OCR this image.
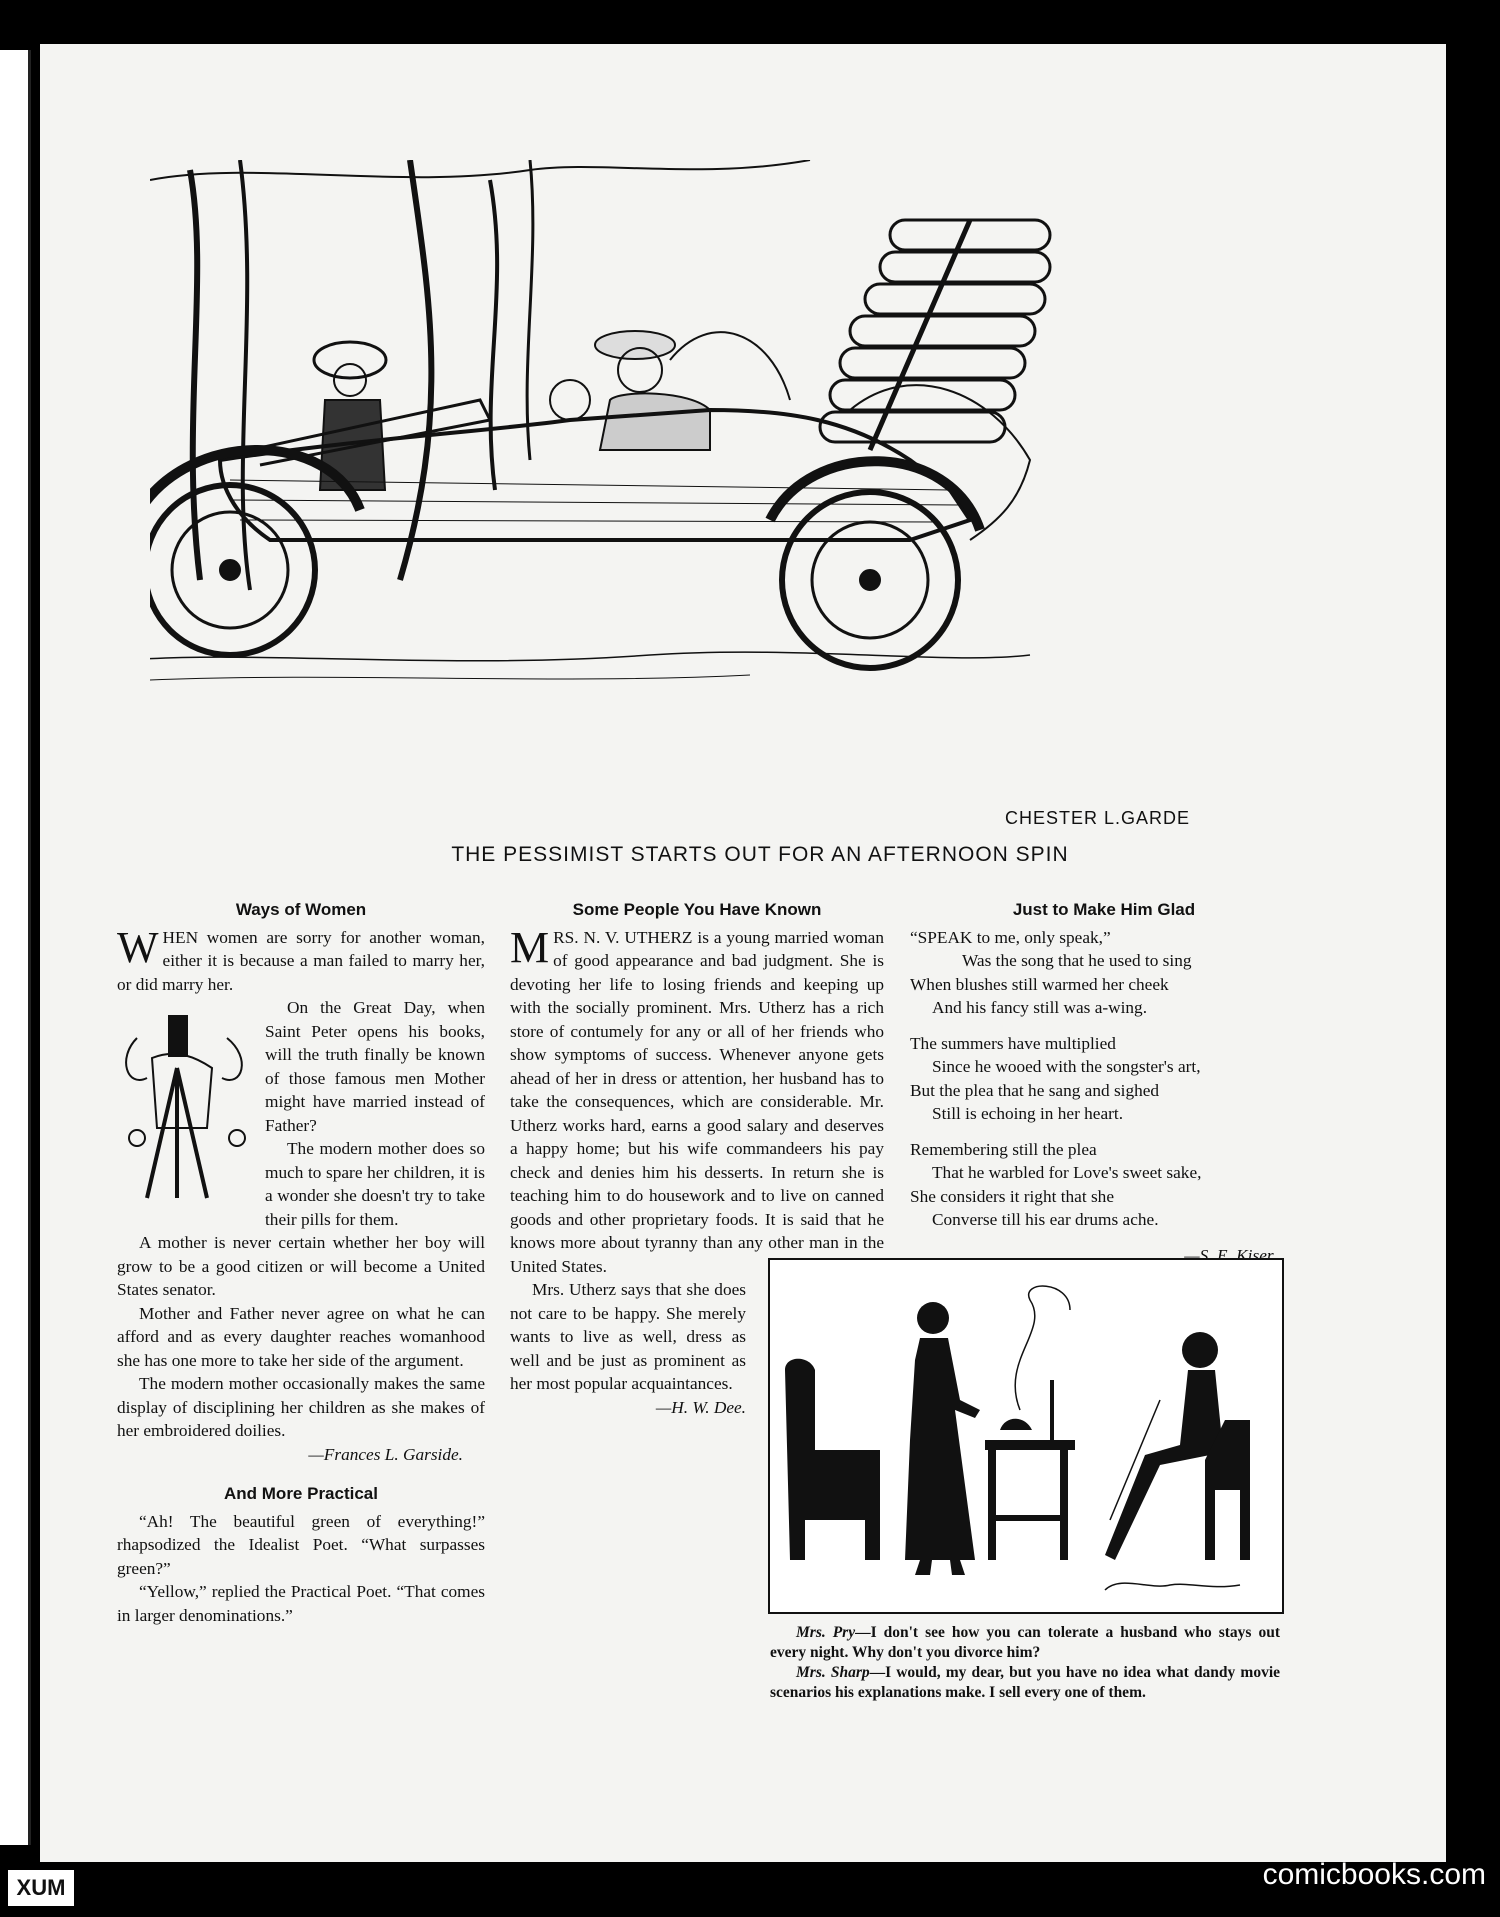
CHESTER L.GARDE
THE PESSIMIST STARTS OUT FOR AN AFTERNOON SPIN
Ways of Women

WHEN women are sorry for another woman, either it is because a man failed to marry her, or did marry her.

On the Great Day, when Saint Peter opens his books, will the truth finally be known of those famous men Mother might have married instead of Father?

The modern mother does so much to spare her children, it is a wonder she doesn't try to take their pills for them.

A mother is never certain whether her boy will grow to be a good citizen or will become a United States senator.

Mother and Father never agree on what he can afford and as every daughter reaches womanhood she has one more to take her side of the argument.

The modern mother occasionally makes the same display of disciplining her children as she makes of her embroidered doilies.

—Frances L. Garside.
And More Practical

“Ah! The beautiful green of everything!” rhapsodized the Idealist Poet. “What surpasses green?”

“Yellow,” replied the Practical Poet. “That comes in larger denominations.”

Some People You Have Known

MRS. N. V. UTHERZ is a young married woman of good appearance and bad judgment. She is devoting her life to losing friends and keeping up with the socially prominent. Mrs. Utherz has a rich store of contumely for any or all of her friends who show symptoms of success. Whenever anyone gets ahead of her in dress or attention, her husband has to take the consequences, which are considerable. Mr. Utherz works hard, earns a good salary and deserves a happy home; but his wife commandeers his pay check and denies him his desserts. In return she is teaching him to do housework and to live on canned goods and other proprietary foods. It is said that he knows more about tyranny than any other man in the United States.

Mrs. Utherz says that she does not care to be happy. She merely wants to live as well, dress as well and be just as prominent as her most popular acquaintances.

—H. W. Dee.
Just to Make Him Glad

“SPEAK to me, only speak,”

Was the song that he used to sing

When blushes still warmed her cheek

And his fancy still was a-wing.

The summers have multiplied

Since he wooed with the songster's art,

But the plea that he sang and sighed

Still is echoing in her heart.

Remembering still the plea

That he warbled for Love's sweet sake,

She considers it right that she

Converse till his ear drums ache.

—S. E. Kiser.

Mrs. Pry—I don't see how you can tolerate a husband who stays out every night. Why don't you divorce him?

Mrs. Sharp—I would, my dear, but you have no idea what dandy movie scenarios his explanations make. I sell every one of them.

XUM	comicbooks.com
